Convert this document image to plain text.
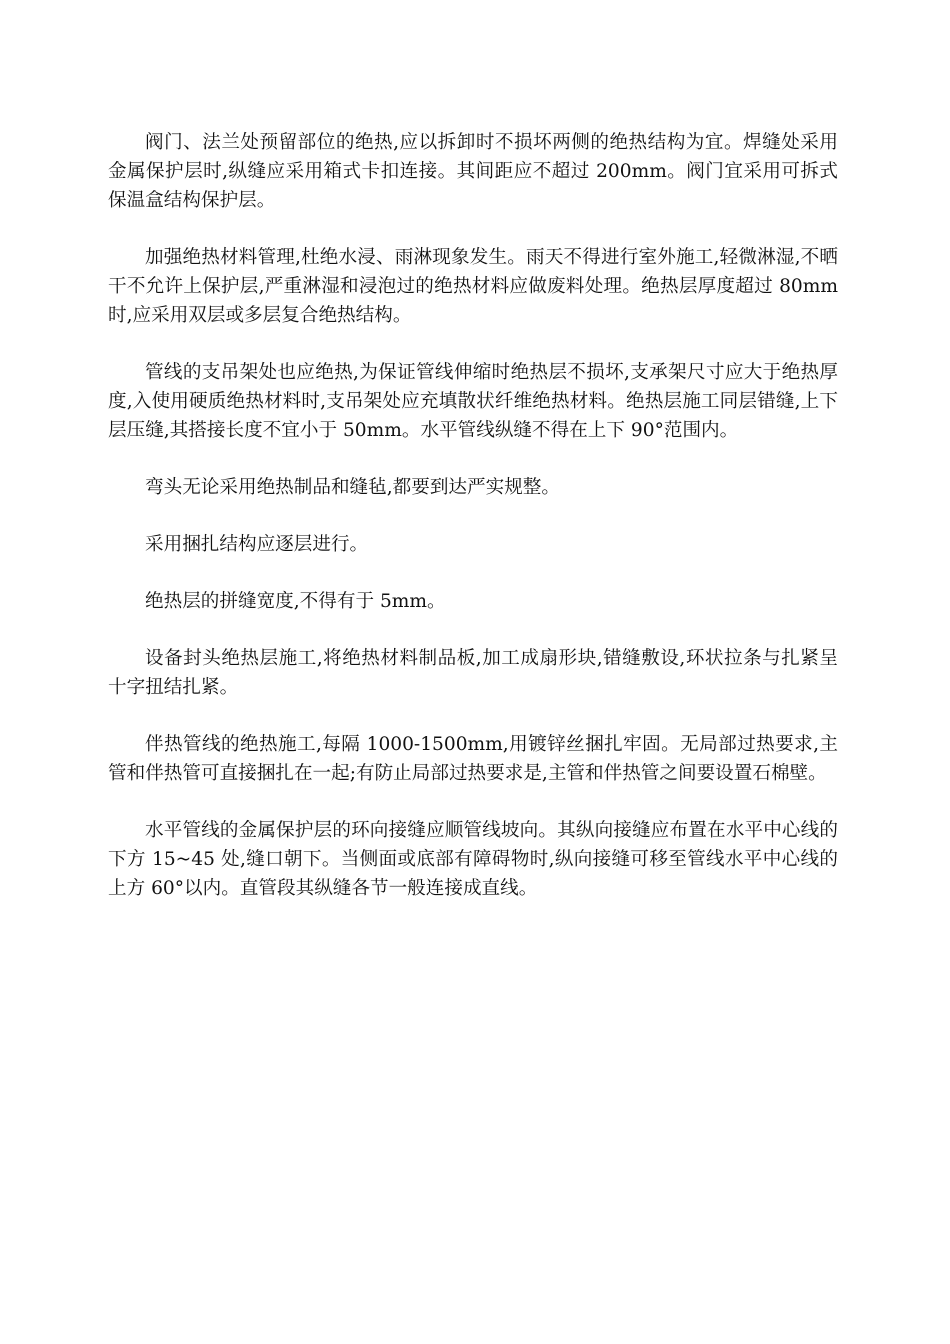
阀门、法兰处预留部位的绝热,应以拆卸时不损坏两侧的绝热结构为宜。焊缝处采用金属保护层时,纵缝应采用箱式卡扣连接。其间距应不超过 200mm。阀门宜采用可拆式保温盒结构保护层。

加强绝热材料管理,杜绝水浸、雨淋现象发生。雨天不得进行室外施工,轻微淋湿,不晒干不允许上保护层,严重淋湿和浸泡过的绝热材料应做废料处理。绝热层厚度超过 80mm 时,应采用双层或多层复合绝热结构。

管线的支吊架处也应绝热,为保证管线伸缩时绝热层不损坏,支承架尺寸应大于绝热厚度,入使用硬质绝热材料时,支吊架处应充填散状纤维绝热材料。绝热层施工同层错缝,上下层压缝,其搭接长度不宜小于 50mm。水平管线纵缝不得在上下 90°范围内。

弯头无论采用绝热制品和缝毡,都要到达严实规整。

采用捆扎结构应逐层进行。

绝热层的拼缝宽度,不得有于 5mm。

设备封头绝热层施工,将绝热材料制品板,加工成扇形块,错缝敷设,环状拉条与扎紧呈十字扭结扎紧。

伴热管线的绝热施工,每隔 1000-1500mm,用镀锌丝捆扎牢固。无局部过热要求,主管和伴热管可直接捆扎在一起;有防止局部过热要求是,主管和伴热管之间要设置石棉壁。

水平管线的金属保护层的环向接缝应顺管线坡向。其纵向接缝应布置在水平中心线的下方 15~45 处,缝口朝下。当侧面或底部有障碍物时,纵向接缝可移至管线水平中心线的上方 60°以内。直管段其纵缝各节一般连接成直线。
